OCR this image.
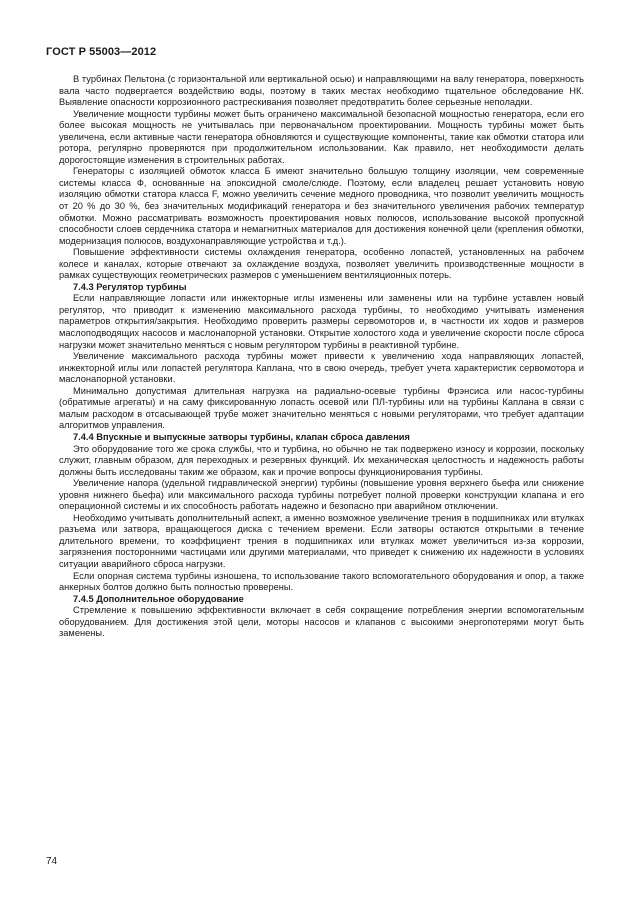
ГОСТ Р 55003—2012

В турбинах Пельтона (с горизонтальной или вертикальной осью) и направляющими на валу генератора, поверхность вала часто подвергается воздействию воды, поэтому в таких местах необходимо тщательное обследование НК. Выявление опасности коррозионного растрескивания позволяет предотвратить более серьезные неполадки.

Увеличение мощности турбины может быть ограничено максимальной безопасной мощностью генератора, если его более высокая мощность не учитывалась при первоначальном проектировании. Мощность турбины может быть увеличена, если активные части генератора обновляются и существующие компоненты, такие как обмотки статора или ротора, регулярно проверяются при продолжительном использовании. Как правило, нет необходимости делать дорогостоящие изменения в строительных работах.

Генераторы с изоляцией обмоток класса Б имеют значительно большую толщину изоляции, чем современные системы класса Ф, основанные на эпоксидной смоле/слюде. Поэтому, если владелец решает установить новую изоляцию обмотки статора класса F, можно увеличить сечение медного проводника, что позволит увеличить мощность от 20 % до 30 %, без значительных модификаций генератора и без значительного увеличения рабочих температур обмотки. Можно рассматривать возможность проектирования новых полюсов, использование высокой пропускной способности слоев сердечника статора и немагнитных материалов для достижения конечной цели (крепления обмотки, модернизация полюсов, воздухонаправляющие устройства и т.д.).

Повышение эффективности системы охлаждения генератора, особенно лопастей, установленных на рабочем колесе и каналах, которые отвечают за охлаждение воздуха, позволяет увеличить производственные мощности в рамках существующих геометрических размеров с уменьшением вентиляционных потерь.

7.4.3 Регулятор турбины

Если направляющие лопасти или инжекторные иглы изменены или заменены или на турбине уставлен новый регулятор, что приводит к изменению максимального расхода турбины, то необходимо учитывать изменения параметров открытия/закрытия. Необходимо проверить размеры сервомоторов и, в частности их ходов и размеров маслоподводящих насосов и маслонапорной установки. Открытие холостого хода и увеличение скорости после сброса нагрузки может значительно меняться с новым регулятором турбины в реактивной турбине.

Увеличение максимального расхода турбины может привести к увеличению хода направляющих лопастей, инжекторной иглы или лопастей регулятора Каплана, что в свою очередь, требует учета характеристик сервомотора и маслонапорной установки.

Минимально допустимая длительная нагрузка на радиально-осевые турбины Фрэнсиса или насос-турбины (обратимые агрегаты) и на саму фиксированную лопасть осевой или ПЛ-турбины или на турбины Каплана в связи с малым расходом в отсасывающей трубе может значительно меняться с новыми регуляторами, что требует адаптации алгоритмов управления.

7.4.4 Впускные и выпускные затворы турбины, клапан сброса давления

Это оборудование того же срока службы, что и турбина, но обычно не так подвержено износу и коррозии, поскольку служит, главным образом, для переходных и резервных функций. Их механическая целостность и надежность работы должны быть исследованы таким же образом, как и прочие вопросы функционирования турбины.

Увеличение напора (удельной гидравлической энергии) турбины (повышение уровня верхнего бьефа или снижение уровня нижнего бьефа) или максимального расхода турбины потребует полной проверки конструкции клапана и его операционной системы и их способность работать надежно и безопасно при аварийном отключении.

Необходимо учитывать дополнительный аспект, а именно возможное увеличение трения в подшипниках или втулках разъема или затвора, вращающегося диска с течением времени. Если затворы остаются открытыми в течение длительного времени, то коэффициент трения в подшипниках или втулках может увеличиться из-за коррозии, загрязнения посторонними частицами или другими материалами, что приведет к снижению их надежности в условиях ситуации аварийного сброса нагрузки.

Если опорная система турбины изношена, то использование такого вспомогательного оборудования и опор, а также анкерных болтов должно быть полностью проверены.

7.4.5 Дополнительное оборудование

Стремление к повышению эффективности включает в себя сокращение потребления энергии вспомогательным оборудованием. Для достижения этой цели, моторы насосов и клапанов с высокими энергопотерями могут быть заменены.

74
